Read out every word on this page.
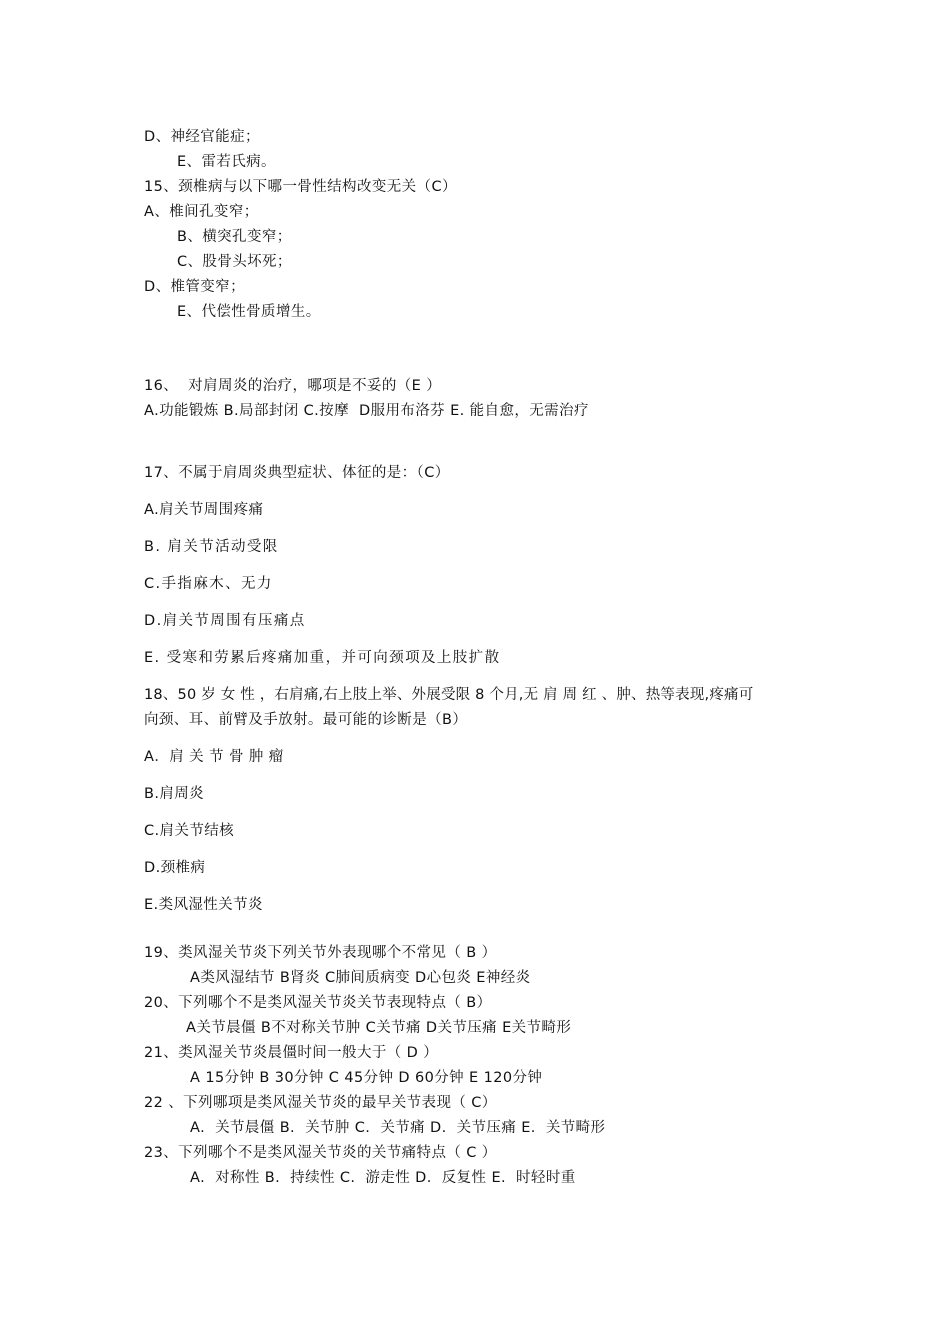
D、神经官能症；
E、雷若氏病。
15、颈椎病与以下哪一骨性结构改变无关（C）
A、椎间孔变窄；
B、横突孔变窄；
C、股骨头坏死；
D、椎管变窄；
E、代偿性骨质增生。
16、  对肩周炎的治疗，哪项是不妥的（E ）
A.功能锻炼 B.局部封闭 C.按摩  D服用布洛芬 E. 能自愈，无需治疗
17、不属于肩周炎典型症状、体征的是：（C）
A.肩关节周围疼痛
B. 肩关节活动受限
C.手指麻木、无力
D.肩关节周围有压痛点
E. 受寒和劳累后疼痛加重，并可向颈项及上肢扩散
18、50 岁 女 性 ，右肩痛,右上肢上举、外展受限 8 个月,无 肩 周 红 、肿、热等表现,疼痛可
向颈、耳、前臂及手放射。最可能的诊断是（B）
A．肩 关 节 骨 肿 瘤
B.肩周炎
C.肩关节结核
D.颈椎病
E.类风湿性关节炎
19、类风湿关节炎下列关节外表现哪个不常见（ B ）
A类风湿结节 B肾炎 C肺间质病变 D心包炎 E神经炎
20、下列哪个不是类风湿关节炎关节表现特点（ B）
A关节晨僵 B不对称关节肿 C关节痛 D关节压痛 E关节畸形
21、类风湿关节炎晨僵时间一般大于（ D ）
A 15分钟 B 30分钟 C 45分钟 D 60分钟 E 120分钟
22 、下列哪项是类风湿关节炎的最早关节表现（ C）
A.  关节晨僵 B.  关节肿 C.  关节痛 D.  关节压痛 E.  关节畸形
23、下列哪个不是类风湿关节炎的关节痛特点（ C ）
A.  对称性 B.  持续性 C.  游走性 D.  反复性 E.  时轻时重
